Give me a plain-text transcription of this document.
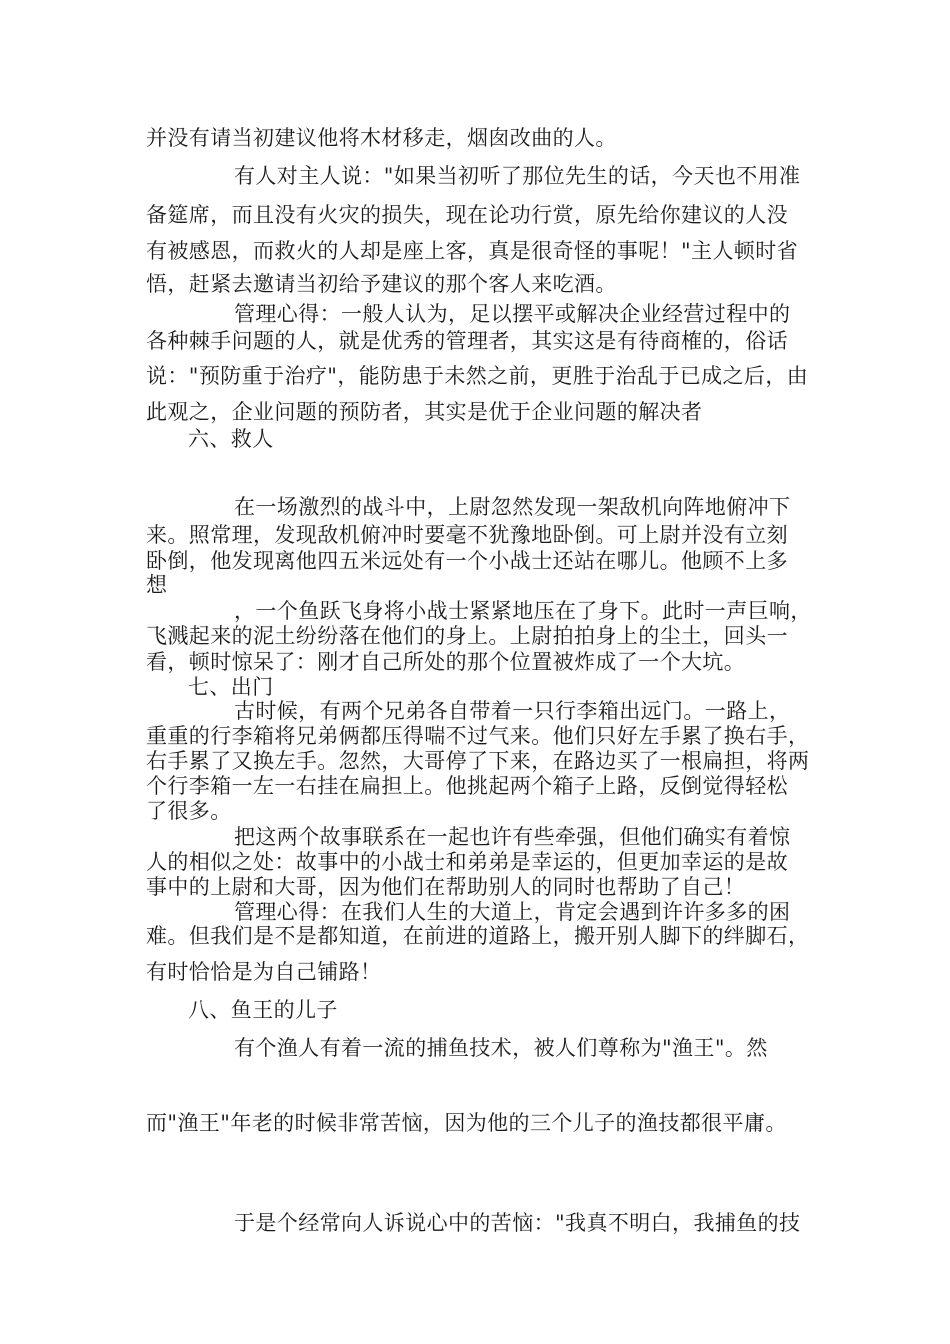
并没有请当初建议他将木材移走，烟囱改曲的人。

有人对主人说："如果当初听了那位先生的话，今天也不用准

备筵席，而且没有火灾的损失，现在论功行赏，原先给你建议的人没

有被感恩，而救火的人却是座上客，真是很奇怪的事呢！"主人顿时省

悟，赶紧去邀请当初给予建议的那个客人来吃酒。

管理心得：一般人认为，足以摆平或解决企业经营过程中的

各种棘手问题的人，就是优秀的管理者，其实这是有待商榷的，俗话

说："预防重于治疗"，能防患于未然之前，更胜于治乱于已成之后，由

此观之，企业问题的预防者，其实是优于企业问题的解决者

六、救人

在一场激烈的战斗中，上尉忽然发现一架敌机向阵地俯冲下

来。照常理，发现敌机俯冲时要毫不犹豫地卧倒。可上尉并没有立刻

卧倒，他发现离他四五米远处有一个小战士还站在哪儿。他顾不上多

想

，一个鱼跃飞身将小战士紧紧地压在了身下。此时一声巨响，

飞溅起来的泥土纷纷落在他们的身上。上尉拍拍身上的尘土，回头一

看，顿时惊呆了：刚才自己所处的那个位置被炸成了一个大坑。

七、出门

古时候，有两个兄弟各自带着一只行李箱出远门。一路上，

重重的行李箱将兄弟俩都压得喘不过气来。他们只好左手累了换右手，

右手累了又换左手。忽然，大哥停了下来，在路边买了一根扁担，将两

个行李箱一左一右挂在扁担上。他挑起两个箱子上路，反倒觉得轻松

了很多。

把这两个故事联系在一起也许有些牵强，但他们确实有着惊

人的相似之处：故事中的小战士和弟弟是幸运的，但更加幸运的是故

事中的上尉和大哥，因为他们在帮助别人的同时也帮助了自己！

管理心得：在我们人生的大道上，肯定会遇到许许多多的困

难。但我们是不是都知道，在前进的道路上，搬开别人脚下的绊脚石，

有时恰恰是为自己铺路！

八、鱼王的儿子

有个渔人有着一流的捕鱼技术，被人们尊称为"渔王"。然

而"渔王"年老的时候非常苦恼，因为他的三个儿子的渔技都很平庸。

于是个经常向人诉说心中的苦恼："我真不明白，我捕鱼的技
